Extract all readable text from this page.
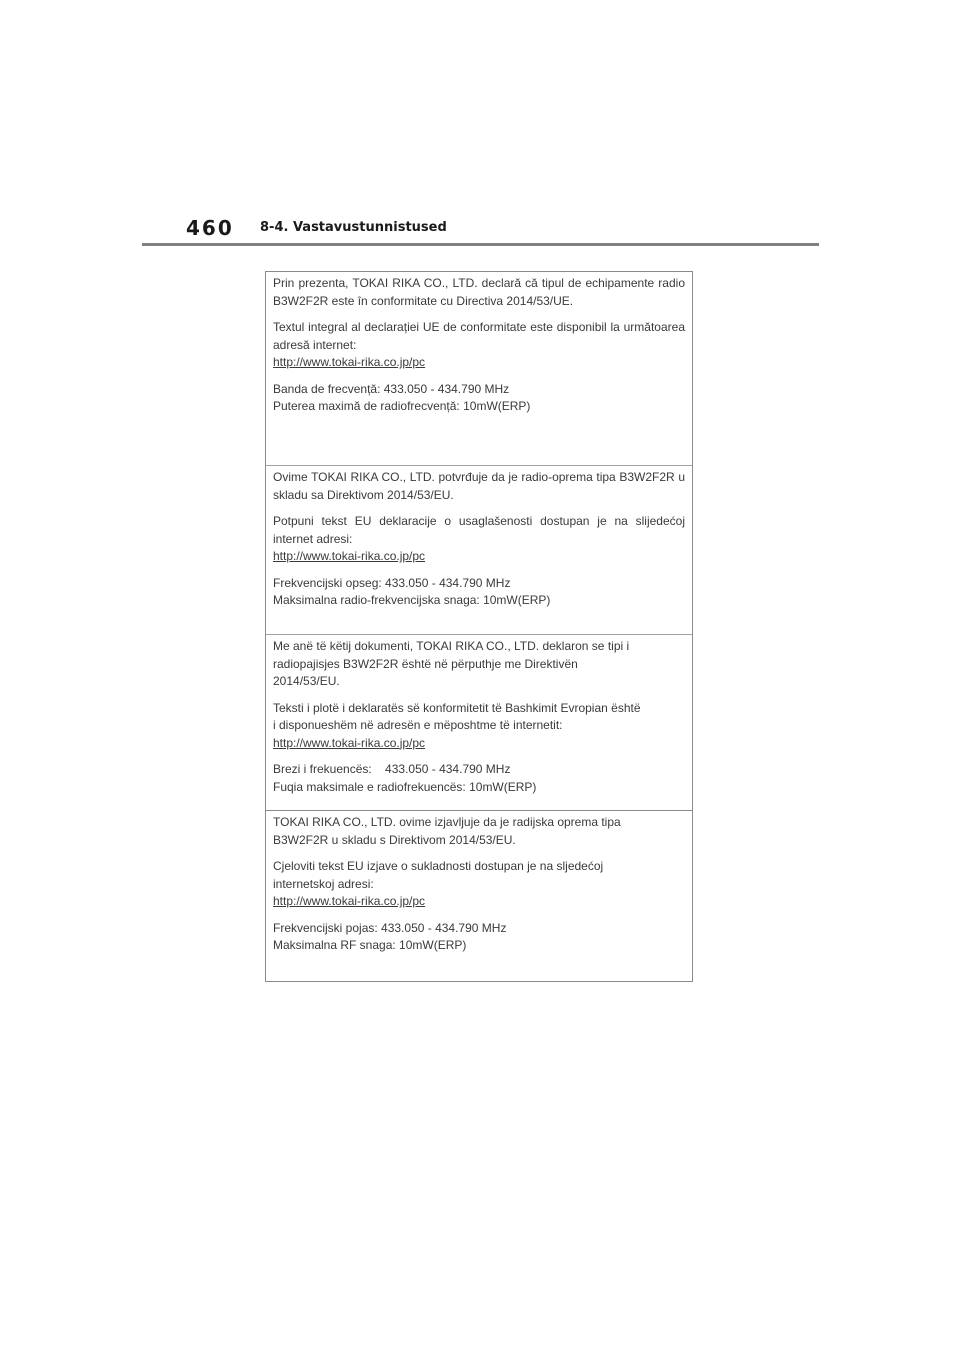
460 8-4. Vastavustunnistused

Prin prezenta, TOKAI RIKA CO., LTD. declară că tipul de echipamente radio B3W2F2R este în conformitate cu Directiva 2014/53/UE.

Textul integral al declarației UE de conformitate este disponibil la următoarea adresă internet:

http://www.tokai-rika.co.jp/pc

Banda de frecvență: 433.050 - 434.790 MHz

Puterea maximă de radiofrecvență: 10mW(ERP)

Ovime TOKAI RIKA CO., LTD. potvrđuje da je radio-oprema tipa B3W2F2R u skladu sa Direktivom 2014/53/EU.

Potpuni tekst EU deklaracije o usaglašenosti dostupan je na slijedećoj internet adresi:

http://www.tokai-rika.co.jp/pc

Frekvencijski opseg: 433.050 - 434.790 MHz

Maksimalna radio-frekvencijska snaga: 10mW(ERP)

Me anë të këtij dokumenti, TOKAI RIKA CO., LTD. deklaron se tipi i

radiopajisjes B3W2F2R është në përputhje me Direktivën

2014/53/EU.

Teksti i plotë i deklaratës së konformitetit të Bashkimit Evropian është

i disponueshëm në adresën e mëposhtme të internetit:

http://www.tokai-rika.co.jp/pc

Brezi i frekuencës:    433.050 - 434.790 MHz

Fuqia maksimale e radiofrekuencës: 10mW(ERP)

TOKAI RIKA CO., LTD. ovime izjavljuje da je radijska oprema tipa

B3W2F2R u skladu s Direktivom 2014/53/EU.

Cjeloviti tekst EU izjave o sukladnosti dostupan je na sljedećoj

internetskoj adresi:

http://www.tokai-rika.co.jp/pc

Frekvencijski pojas: 433.050 - 434.790 MHz

Maksimalna RF snaga: 10mW(ERP)
